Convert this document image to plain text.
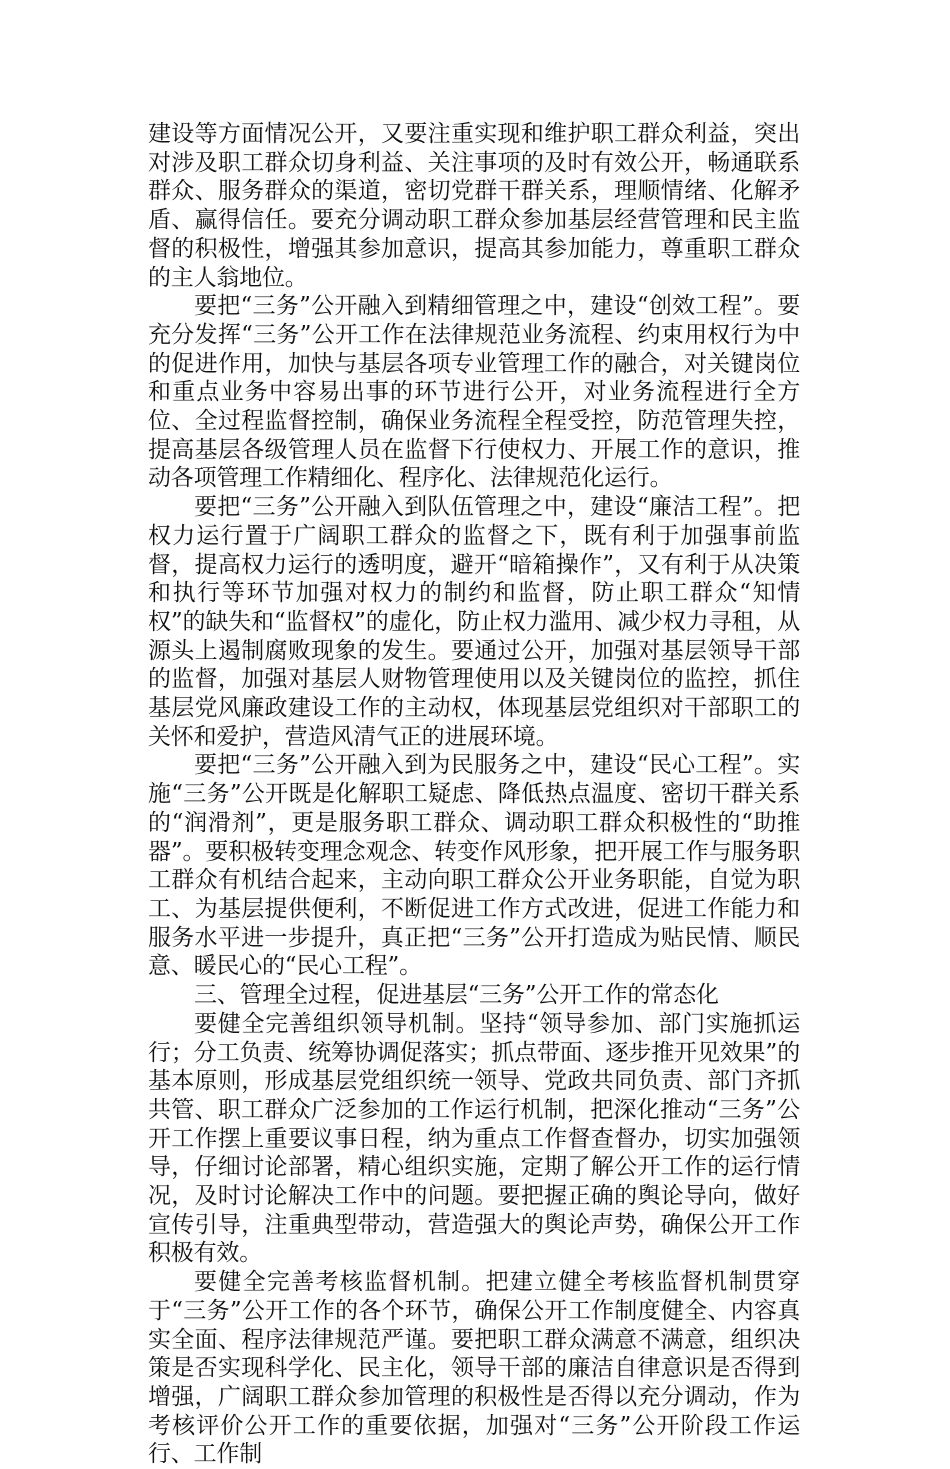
建设等方面情况公开，又要注重实现和维护职工群众利益，突出对涉及职工群众切身利益、关注事项的及时有效公开，畅通联系群众、服务群众的渠道，密切党群干群关系，理顺情绪、化解矛盾、赢得信任。要充分调动职工群众参加基层经营管理和民主监督的积极性，增强其参加意识，提高其参加能力，尊重职工群众的主人翁地位。

要把“三务”公开融入到精细管理之中，建设“创效工程”。要充分发挥“三务”公开工作在法律规范业务流程、约束用权行为中的促进作用，加快与基层各项专业管理工作的融合，对关键岗位和重点业务中容易出事的环节进行公开，对业务流程进行全方位、全过程监督控制，确保业务流程全程受控，防范管理失控，提高基层各级管理人员在监督下行使权力、开展工作的意识，推动各项管理工作精细化、程序化、法律规范化运行。

要把“三务”公开融入到队伍管理之中，建设“廉洁工程”。把权力运行置于广阔职工群众的监督之下，既有利于加强事前监督，提高权力运行的透明度，避开“暗箱操作”，又有利于从决策和执行等环节加强对权力的制约和监督，防止职工群众“知情权”的缺失和“监督权”的虚化，防止权力滥用、减少权力寻租，从源头上遏制腐败现象的发生。要通过公开，加强对基层领导干部的监督，加强对基层人财物管理使用以及关键岗位的监控，抓住基层党风廉政建设工作的主动权，体现基层党组织对干部职工的关怀和爱护，营造风清气正的进展环境。

要把“三务”公开融入到为民服务之中，建设“民心工程”。实施“三务”公开既是化解职工疑虑、降低热点温度、密切干群关系的“润滑剂”，更是服务职工群众、调动职工群众积极性的“助推器”。要积极转变理念观念、转变作风形象，把开展工作与服务职工群众有机结合起来，主动向职工群众公开业务职能，自觉为职工、为基层提供便利，不断促进工作方式改进，促进工作能力和服务水平进一步提升，真正把“三务”公开打造成为贴民情、顺民意、暖民心的“民心工程”。

三、管理全过程，促进基层“三务”公开工作的常态化

要健全完善组织领导机制。坚持“领导参加、部门实施抓运行；分工负责、统筹协调促落实；抓点带面、逐步推开见效果”的基本原则，形成基层党组织统一领导、党政共同负责、部门齐抓共管、职工群众广泛参加的工作运行机制，把深化推动“三务”公开工作摆上重要议事日程，纳为重点工作督查督办，切实加强领导，仔细讨论部署，精心组织实施，定期了解公开工作的运行情况，及时讨论解决工作中的问题。要把握正确的舆论导向，做好宣传引导，注重典型带动，营造强大的舆论声势，确保公开工作积极有效。

要健全完善考核监督机制。把建立健全考核监督机制贯穿于“三务”公开工作的各个环节，确保公开工作制度健全、内容真实全面、程序法律规范严谨。要把职工群众满意不满意，组织决策是否实现科学化、民主化，领导干部的廉洁自律意识是否得到增强，广阔职工群众参加管理的积极性是否得以充分调动，作为考核评价公开工作的重要依据，加强对“三务”公开阶段工作运行、工作制
